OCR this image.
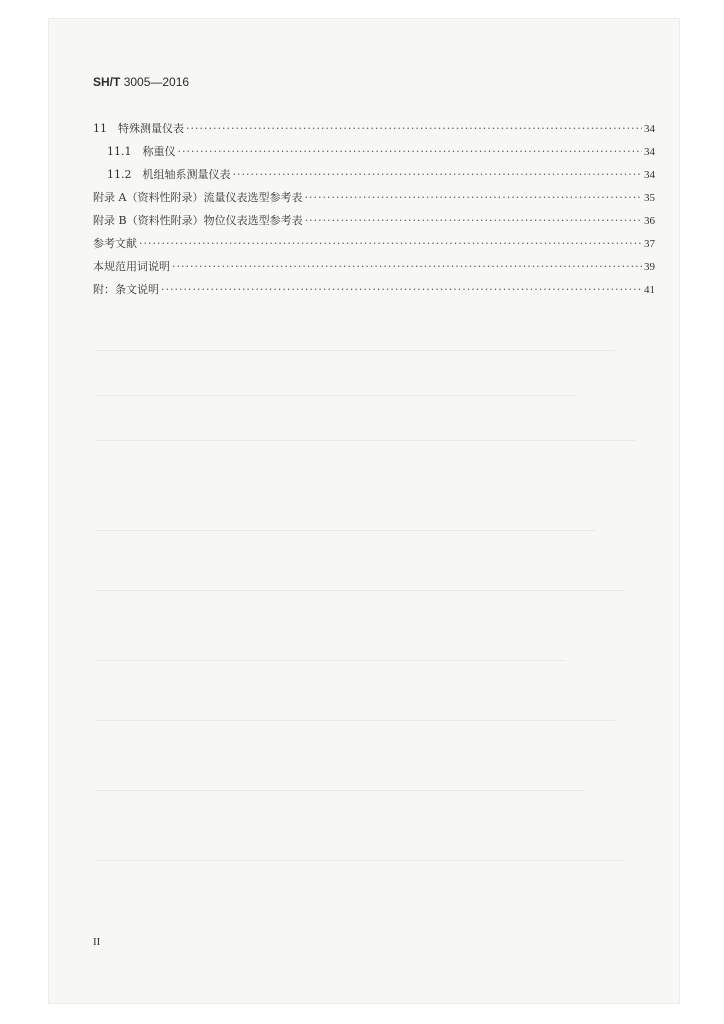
SH/T 3005—2016
11　特殊测量仪表 ·····	34
11.1　称重仪 ·····	34
11.2　机组轴系测量仪表 ·····	34
附录 A（资料性附录）流量仪表选型参考表 ·····	35
附录 B（资料性附录）物位仪表选型参考表 ·····	36
参考文献 ·····	37
本规范用词说明 ·····	39
附：条文说明 ·····	41
II
